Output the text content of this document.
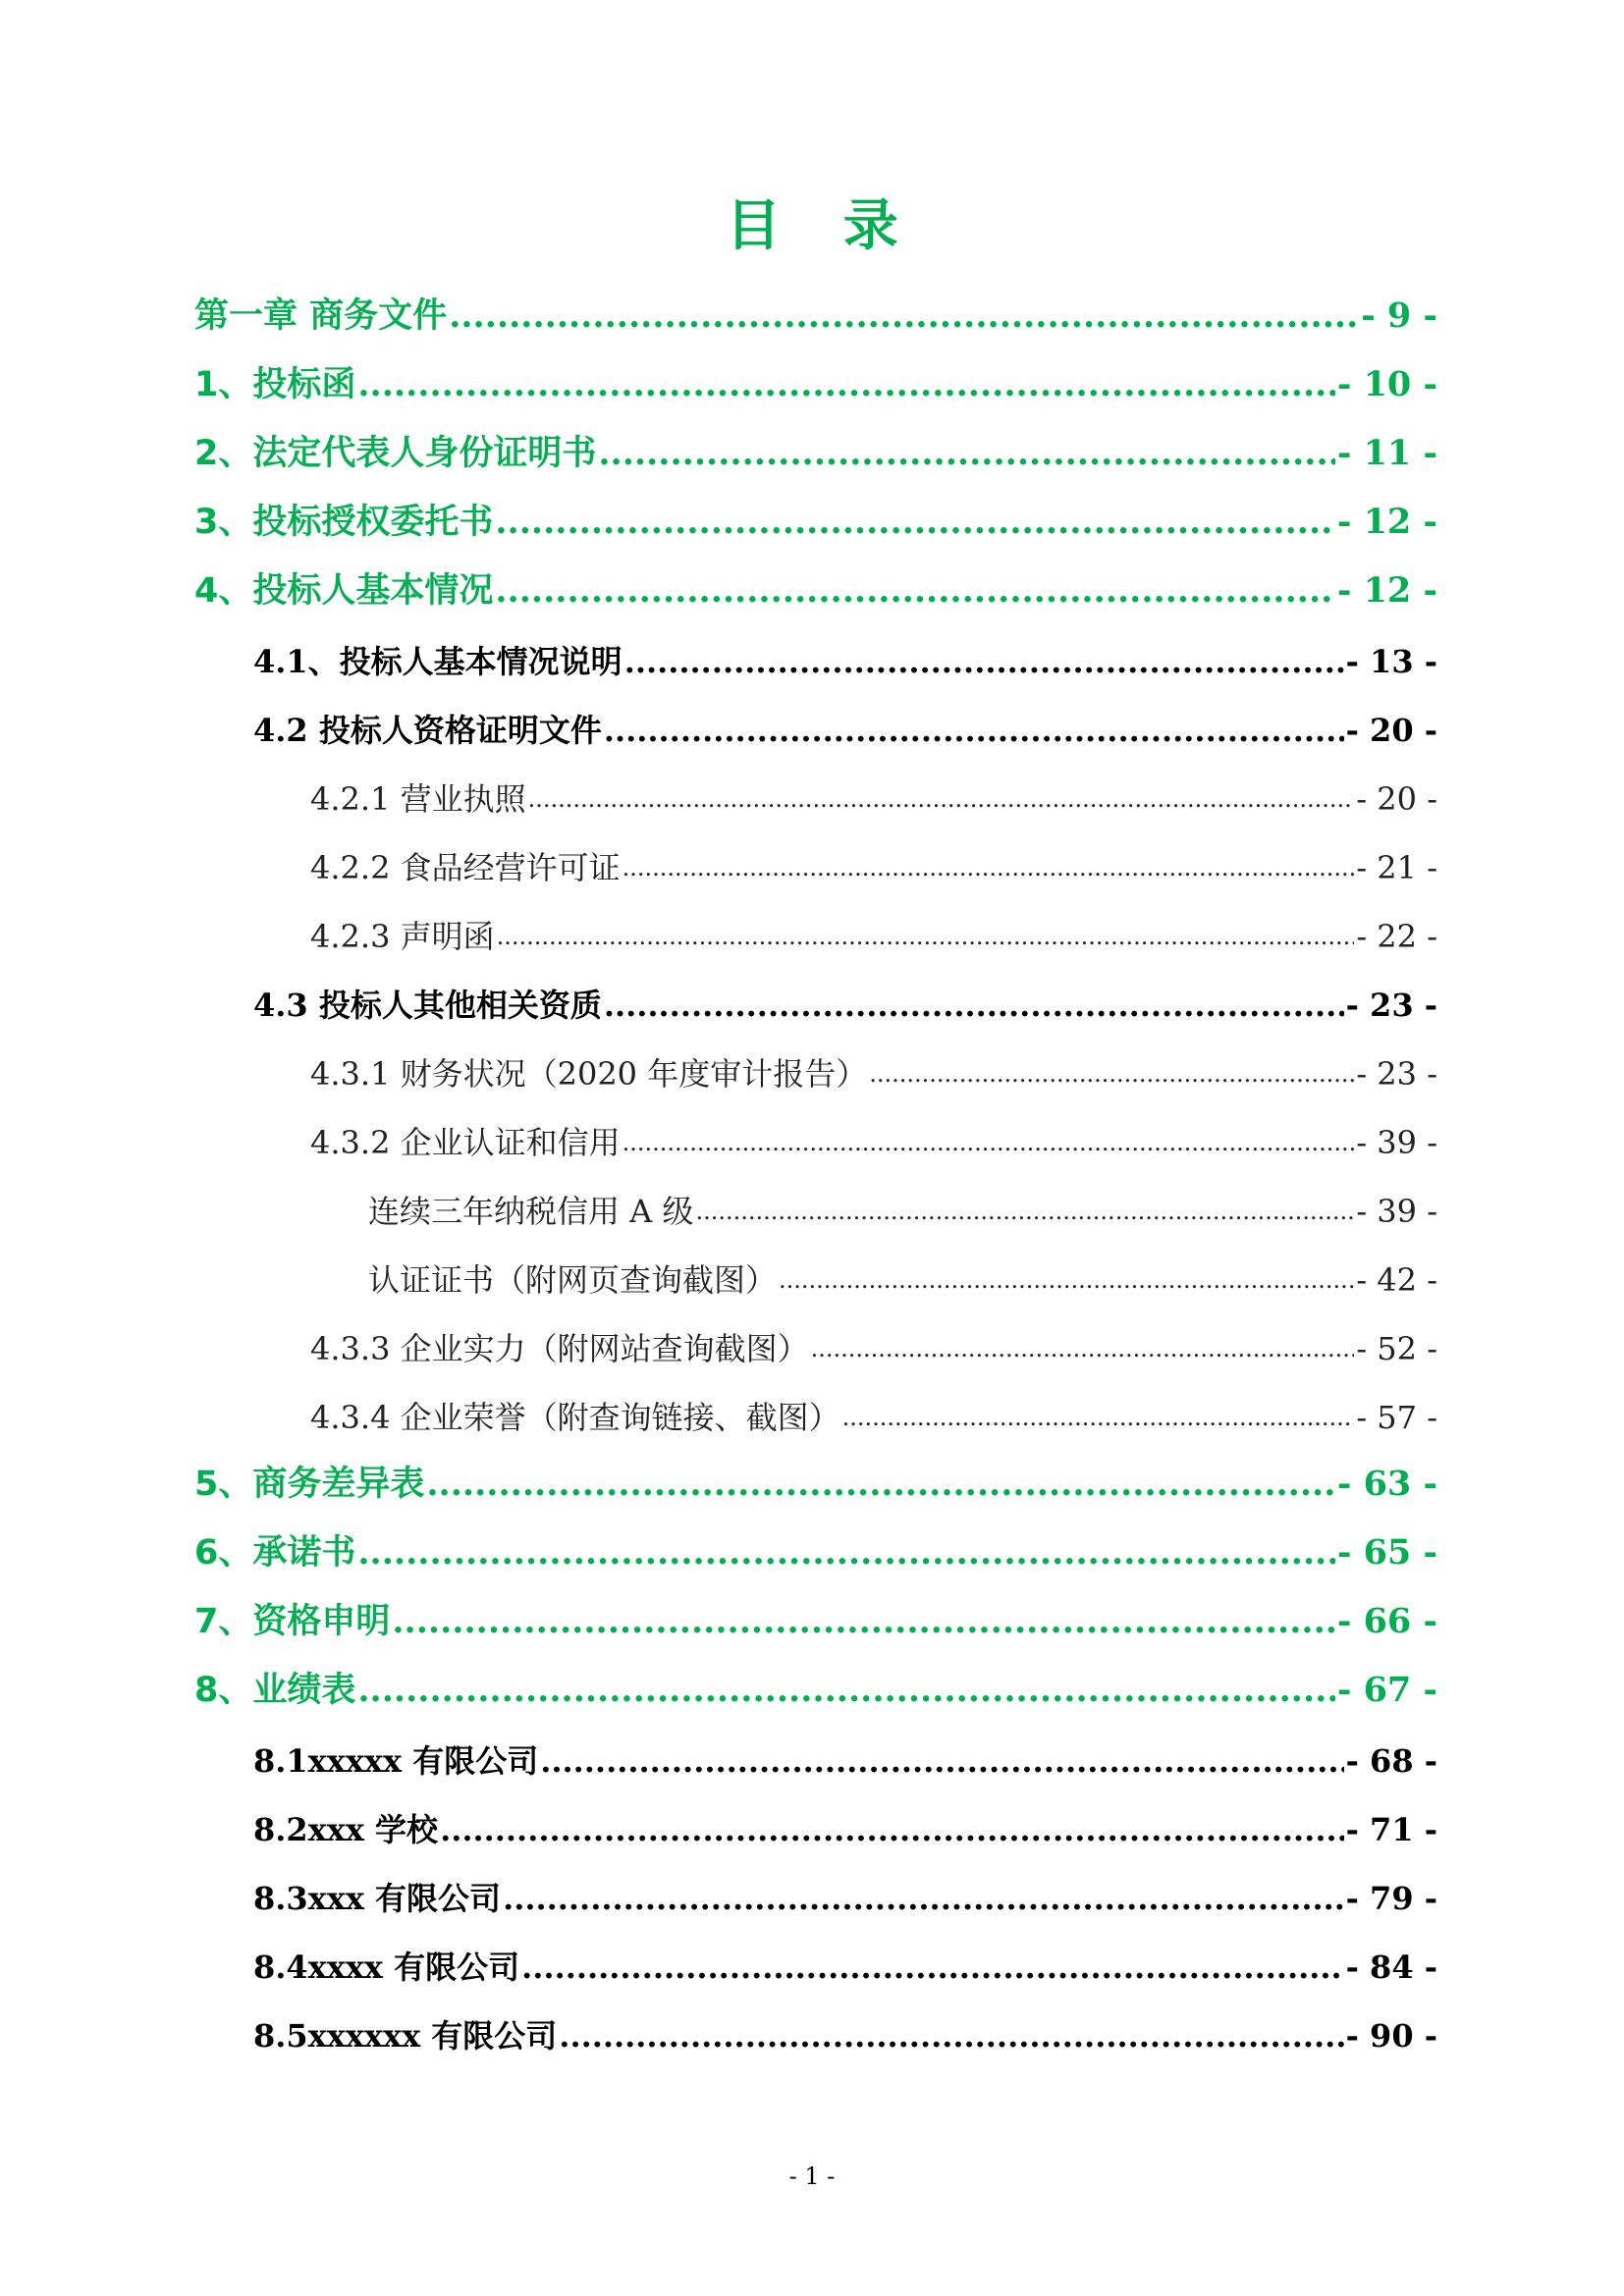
目 录
第一章 商务文件 .....	- 9 -
1、投标函 .....	- 10 -
2、法定代表人身份证明书 .....	- 11 -
3、投标授权委托书 .....	- 12 -
4、投标人基本情况 .....	- 12 -
4.1、投标人基本情况说明 .....	- 13 -
4.2 投标人资格证明文件 .....	- 20 -
4.2.1 营业执照 .....	- 20 -
4.2.2 食品经营许可证 .....	- 21 -
4.2.3 声明函 .....	- 22 -
4.3 投标人其他相关资质 .....	- 23 -
4.3.1 财务状况（2020 年度审计报告） .....	- 23 -
4.3.2 企业认证和信用 .....	- 39 -
连续三年纳税信用 A 级 .....	- 39 -
认证证书（附网页查询截图） .....	- 42 -
4.3.3 企业实力（附网站查询截图） .....	- 52 -
4.3.4 企业荣誉（附查询链接、截图） .....	- 57 -
5、商务差异表 .....	- 63 -
6、承诺书 .....	- 65 -
7、资格申明 .....	- 66 -
8、业绩表 .....	- 67 -
8.1xxxxx 有限公司 .....	- 68 -
8.2xxx 学校 .....	- 71 -
8.3xxx 有限公司 .....	- 79 -
8.4xxxx 有限公司 .....	- 84 -
8.5xxxxxx 有限公司 .....	- 90 -
- 1 -
